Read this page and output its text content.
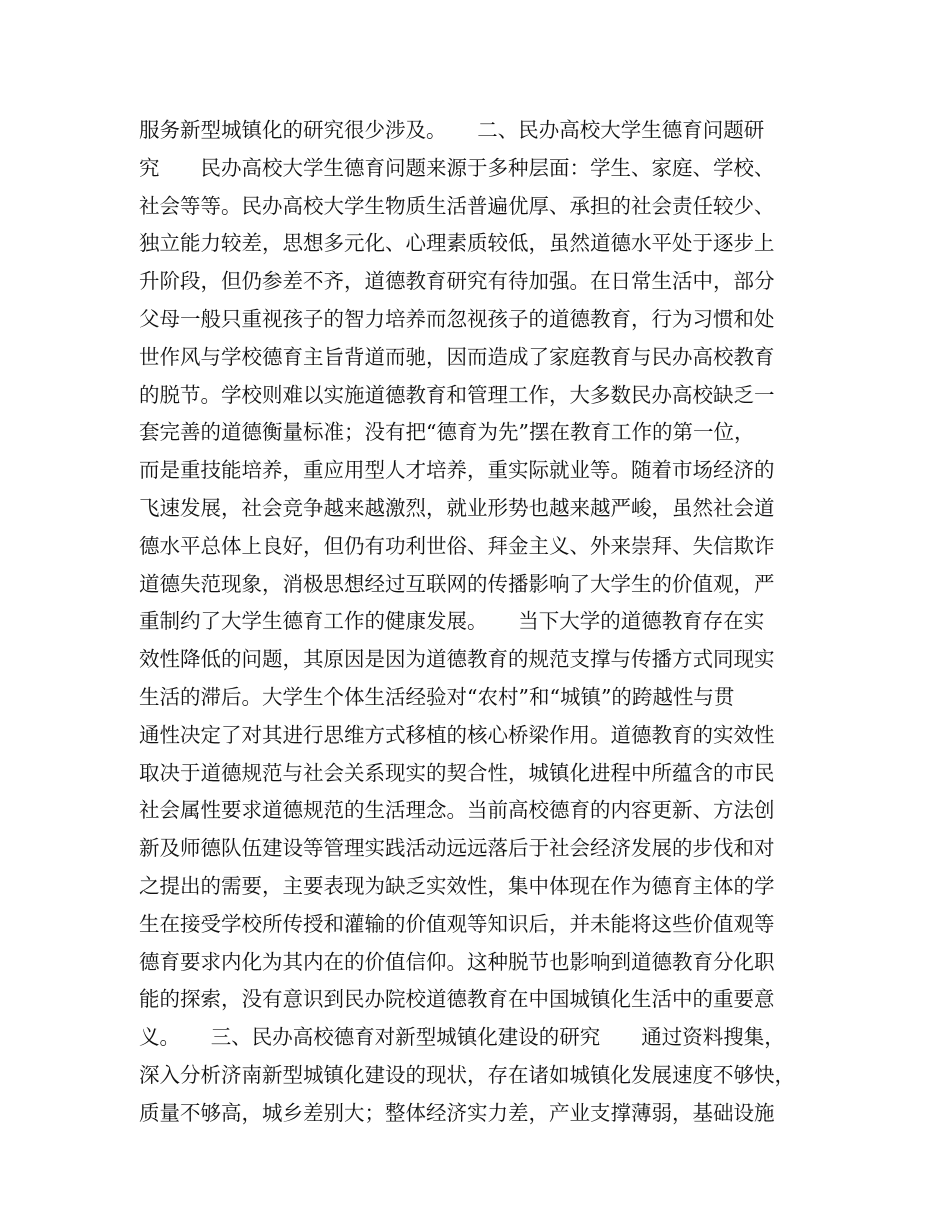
服务新型城镇化的研究很少涉及。　　二、民办高校大学生德育问题研
究　　民办高校大学生德育问题来源于多种层面：学生、家庭、学校、
社会等等。民办高校大学生物质生活普遍优厚、承担的社会责任较少、
独立能力较差，思想多元化、心理素质较低，虽然道德水平处于逐步上
升阶段，但仍参差不齐，道德教育研究有待加强。在日常生活中，部分
父母一般只重视孩子的智力培养而忽视孩子的道德教育，行为习惯和处
世作风与学校德育主旨背道而驰，因而造成了家庭教育与民办高校教育
的脱节。学校则难以实施道德教育和管理工作，大多数民办高校缺乏一
套完善的道德衡量标准；没有把“德育为先”摆在教育工作的第一位，
而是重技能培养，重应用型人才培养，重实际就业等。随着市场经济的
飞速发展，社会竞争越来越激烈，就业形势也越来越严峻，虽然社会道
德水平总体上良好，但仍有功利世俗、拜金主义、外来崇拜、失信欺诈
道德失范现象，消极思想经过互联网的传播影响了大学生的价值观，严
重制约了大学生德育工作的健康发展。　　当下大学的道德教育存在实
效性降低的问题，其原因是因为道德教育的规范支撑与传播方式同现实
生活的滞后。大学生个体生活经验对“农村”和“城镇”的跨越性与贯
通性决定了对其进行思维方式移植的核心桥梁作用。道德教育的实效性
取决于道德规范与社会关系现实的契合性，城镇化进程中所蕴含的市民
社会属性要求道德规范的生活理念。当前高校德育的内容更新、方法创
新及师德队伍建设等管理实践活动远远落后于社会经济发展的步伐和对
之提出的需要，主要表现为缺乏实效性，集中体现在作为德育主体的学
生在接受学校所传授和灌输的价值观等知识后，并未能将这些价值观等
德育要求内化为其内在的价值信仰。这种脱节也影响到道德教育分化职
能的探索，没有意识到民办院校道德教育在中国城镇化生活中的重要意
义。　　三、民办高校德育对新型城镇化建设的研究　　通过资料搜集，
深入分析济南新型城镇化建设的现状，存在诸如城镇化发展速度不够快，
质量不够高，城乡差别大；整体经济实力差，产业支撑薄弱，基础设施
